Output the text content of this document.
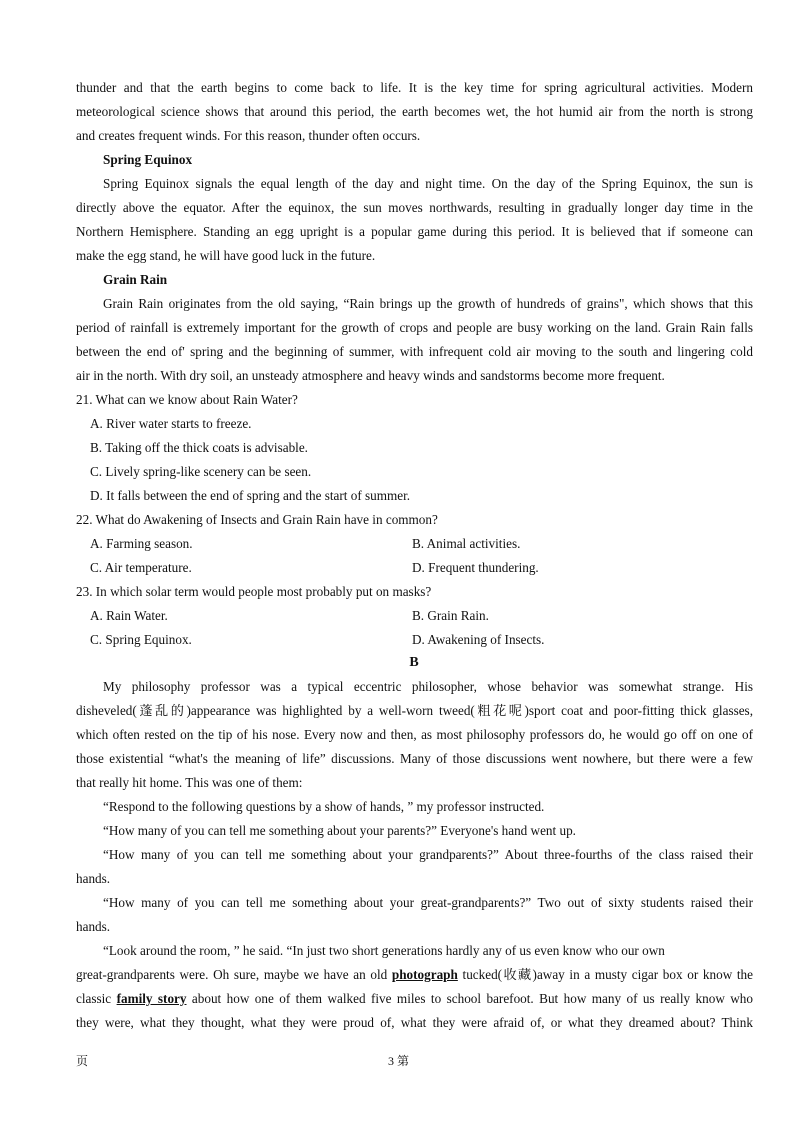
thunder and that the earth begins to come back to life. It is the key time for spring agricultural activities. Modern
meteorological science shows that around this period, the earth becomes wet, the hot humid air from the north is strong
and creates frequent winds. For this reason, thunder often occurs.
Spring Equinox
Spring Equinox signals the equal length of the day and night time. On the day of the Spring Equinox, the sun is
directly above the equator. After the equinox, the sun moves northwards, resulting in gradually longer day time in the
Northern Hemisphere. Standing an egg upright is a popular game during this period. It is believed that if someone can
make the egg stand, he will have good luck in the future.
Grain Rain
Grain Rain originates from the old saying, “Rain brings up the growth of hundreds of grains", which shows that this
period of rainfall is extremely important for the growth of crops and people are busy working on the land. Grain Rain falls
between the end of' spring and the beginning of summer, with infrequent cold air moving to the south and lingering cold
air in the north. With dry soil, an unsteady atmosphere and heavy winds and sandstorms become more frequent.
21. What can we know about Rain Water?
A. River water starts to freeze.
B. Taking off the thick coats is advisable.
C. Lively spring-like scenery can be seen.
D. It falls between the end of spring and the start of summer.
22. What do Awakening of Insects and Grain Rain have in common?
A. Farming season.	B. Animal activities.
C. Air temperature.	D. Frequent thundering.
23. In which solar term would people most probably put on masks?
A. Rain Water.	B. Grain Rain.
C. Spring Equinox.	D. Awakening of Insects.
B
My philosophy professor was a typical eccentric philosopher, whose behavior was somewhat strange. His
disheveled(蓬乱的)appearance was highlighted by a well-worn tweed(粗花呢)sport coat and poor-fitting thick glasses,
which often rested on the tip of his nose. Every now and then, as most philosophy professors do, he would go off on one of
those existential “what's the meaning of life” discussions. Many of those discussions went nowhere, but there were a few
that really hit home. This was one of them:
“Respond to the following questions by a show of hands, ” my professor instructed.
“How many of you can tell me something about your parents?” Everyone's hand went up.
“How many of you can tell me something about your grandparents?” About three-fourths of the class raised their
hands.
“How many of you can tell me something about your great-grandparents?” Two out of sixty students raised their
hands.
“Look around the room, ” he said. “In just two short generations hardly any of us even know who our own
great-grandparents were. Oh sure, maybe we have an old photograph tucked(收藏)away in a musty cigar box or know the
classic family story about how one of them walked five miles to school barefoot. But how many of us really know who
they were, what they thought, what they were proud of, what they were afraid of, or what they dreamed about? Think
页	3 第
